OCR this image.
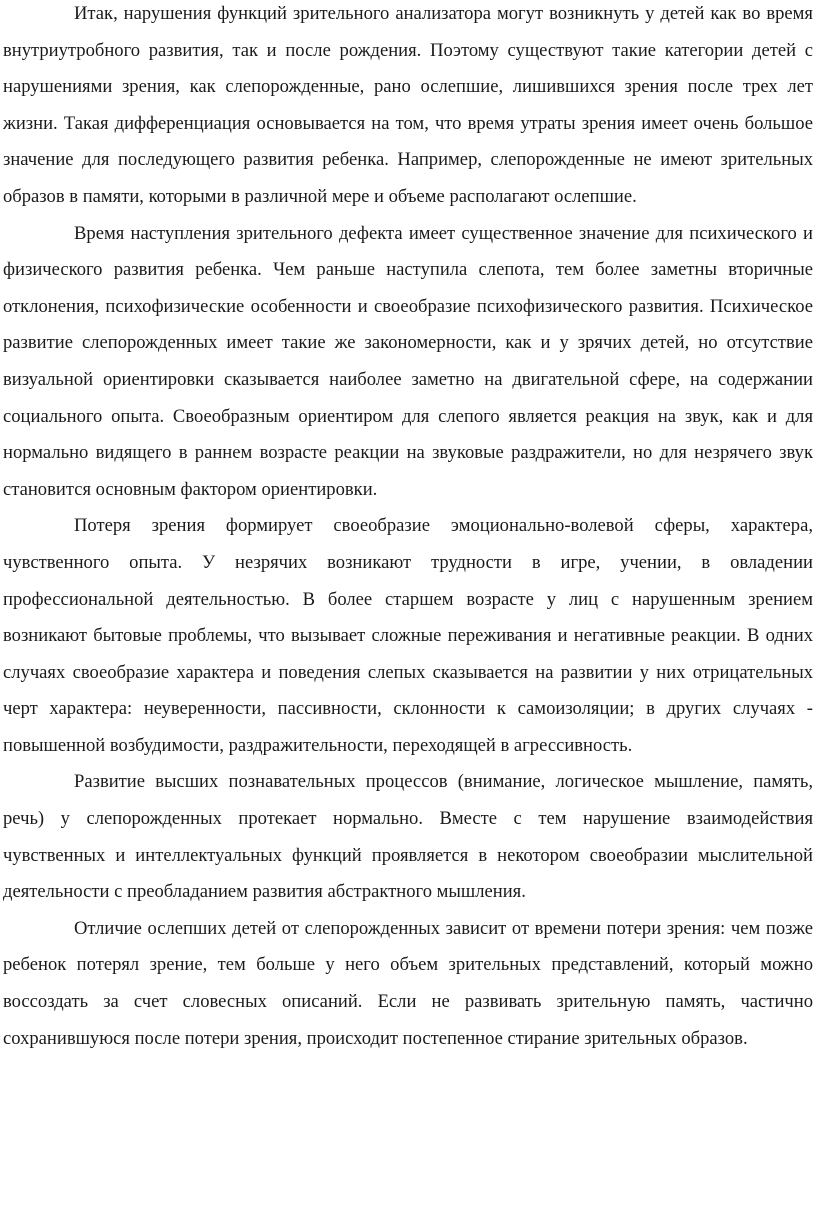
Итак, нарушения функций зрительного анализатора могут возникнуть у детей как во время внутриутробного развития, так и после рождения. Поэтому существуют такие категории детей с нарушениями зрения, как слепорожденные, рано ослепшие, лишившихся зрения после трех лет жизни. Такая дифференциация основывается на том, что время утраты зрения имеет очень большое значение для последующего развития ребенка. Например, слепорожденные не имеют зрительных образов в памяти, которыми в различной мере и объеме располагают ослепшие.

Время наступления зрительного дефекта имеет существенное значение для психического и физического развития ребенка. Чем раньше наступила слепота, тем более заметны вторичные отклонения, психофизические особенности и своеобразие психофизического развития. Психическое развитие слепорожденных имеет такие же закономерности, как и у зрячих детей, но отсутствие визуальной ориентировки сказывается наиболее заметно на двигательной сфере, на содержании социального опыта. Своеобразным ориентиром для слепого является реакция на звук, как и для нормально видящего в раннем возрасте реакции на звуковые раздражители, но для незрячего звук становится основным фактором ориентировки.

Потеря зрения формирует своеобразие эмоционально-волевой сферы, характера, чувственного опыта. У незрячих возникают трудности в игре, учении, в овладении профессиональной деятельностью. В более старшем возрасте у лиц с нарушенным зрением возникают бытовые проблемы, что вызывает сложные переживания и негативные реакции. В одних случаях своеобразие характера и поведения слепых сказывается на развитии у них отрицательных черт характера: неуверенности, пассивности, склонности к самоизоляции; в других случаях - повышенной возбудимости, раздражительности, переходящей в агрессивность.

Развитие высших познавательных процессов (внимание, логическое мышление, память, речь) у слепорожденных протекает нормально. Вместе с тем нарушение взаимодействия чувственных и интеллектуальных функций проявляется в некотором своеобразии мыслительной деятельности с преобладанием развития абстрактного мышления.

Отличие ослепших детей от слепорожденных зависит от времени потери зрения: чем позже ребенок потерял зрение, тем больше у него объем зрительных представлений, который можно воссоздать за счет словесных описаний. Если не развивать зрительную память, частично сохранившуюся после потери зрения, происходит постепенное стирание зрительных образов.
